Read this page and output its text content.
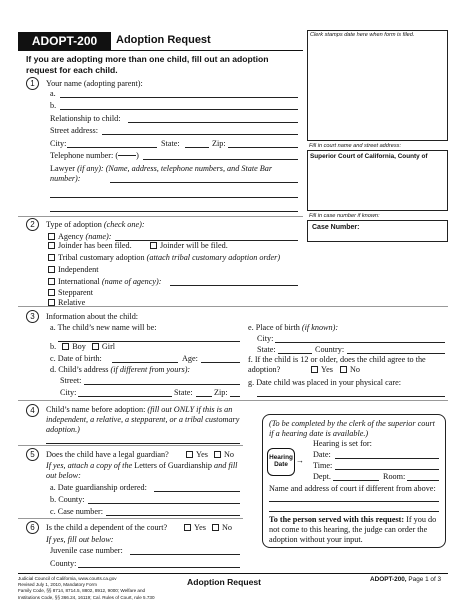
ADOPT-200	Adoption Request
If you are adopting more than one child, fill out an adoption request for each child.
Clerk stamps date here when form is filed.
Fill in court name and street address:
Superior Court of California, County of
Fill in case number if known:
Case Number:
1	Your name (adopting parent):
a.
b.
Relationship to child:
Street address:
City:	State:	Zip:
Telephone number: ( )
Lawyer (if any): (Name, address, telephone numbers, and State Bar number):
2	Type of adoption (check one):
Agency (name):
Joinder has been filed.	Joinder will be filed.
Tribal customary adoption (attach tribal customary adoption order)
Independent
International (name of agency):
Stepparent
Relative
3	Information about the child:
a. The child’s new name will be:
b. Boy Girl
c. Date of birth:	Age:
d. Child’s address (if different from yours):
Street:
City:	State:	Zip:
e. Place of birth (if known):
City:
State:	Country:
f. If the child is 12 or older, does the child agree to the adoption?	Yes No
g. Date child was placed in your physical care:
4	Child’s name before adoption: (fill out ONLY if this is an independent, a relative, a stepparent, or a tribal customary adoption.)
5	Does the child have a legal guardian?	Yes No
If yes, attach a copy of the Letters of Guardianship and fill out below:
a. Date guardianship ordered:
b. County:
c. Case number:
6	Is the child a dependent of the court?	Yes No
If yes, fill out below:
Juvenile case number:
County:
(To be completed by the clerk of the superior court if a hearing date is available.)
Hearing
Date	→
Hearing is set for:
Date:
Time:
Dept.	Room:
Name and address of court if different from above:
To the person served with this request: If you do not come to this hearing, the judge can order the adoption without your input.
Judicial Council of California, www.courts.ca.gov
Revised July 1, 2010, Mandatory Form
Family Code, §§ 8714, 8714.5, 8802, 8912, 9000; Welfare and
Institutions Code, §§ 366.24, 16119; Cal. Rules of Court, rule 5.730
Adoption Request	ADOPT-200, Page 1 of 3
